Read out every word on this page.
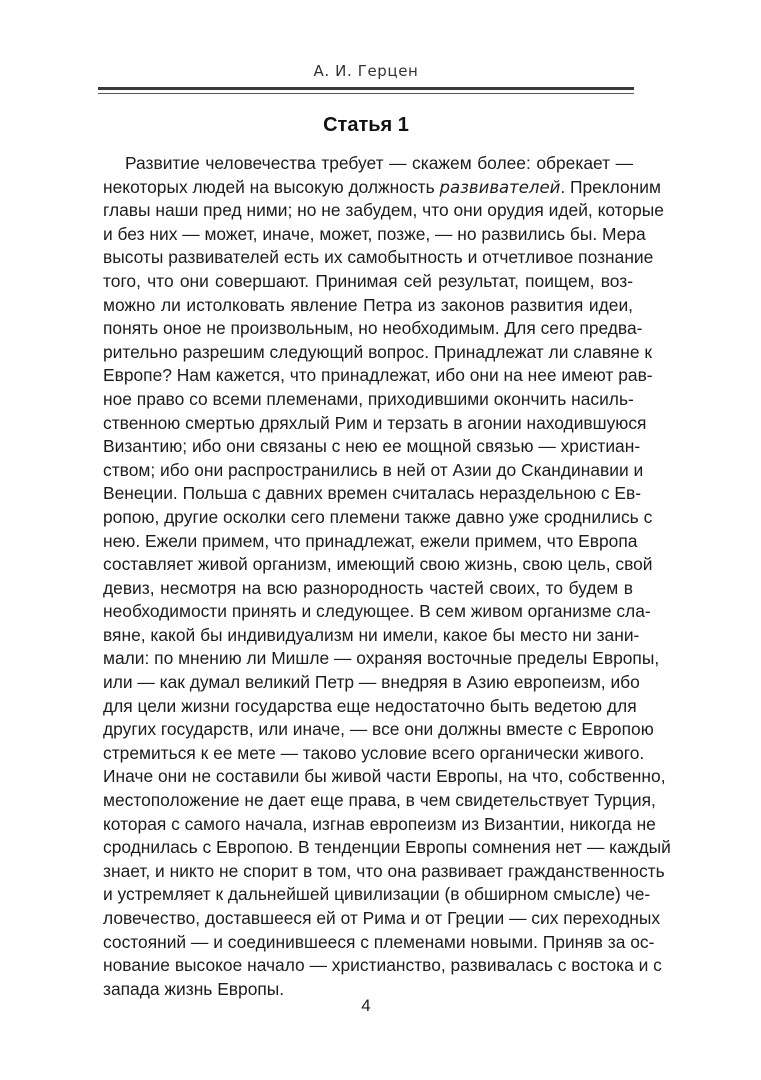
А. И. Герцен
Статья 1
Развитие человечества требует — скажем более: обрекает —
некоторых людей на высокую должность развивателей. Преклоним
главы наши пред ними; но не забудем, что они орудия идей, которые
и без них — может, иначе, может, позже, — но развились бы. Мера
высоты развивателей есть их самобытность и отчетливое познание
того, что они совершают. Принимая сей результат, поищем, воз-
можно ли истолковать явление Петра из законов развития идеи,
понять оное не произвольным, но необходимым. Для сего предва-
рительно разрешим следующий вопрос. Принадлежат ли славяне к
Европе? Нам кажется, что принадлежат, ибо они на нее имеют рав-
ное право со всеми племенами, приходившими окончить насиль-
ственною смертью дряхлый Рим и терзать в агонии находившуюся
Византию; ибо они связаны с нею ее мощной связью — христиан-
ством; ибо они распространились в ней от Азии до Скандинавии и
Венеции. Польша с давних времен считалась нераздельною с Ев-
ропою, другие осколки сего племени также давно уже сроднились с
нею. Ежели примем, что принадлежат, ежели примем, что Европа
составляет живой организм, имеющий свою жизнь, свою цель, свой
девиз, несмотря на всю разнородность частей своих, то будем в
необходимости принять и следующее. В сем живом организме сла-
вяне, какой бы индивидуализм ни имели, какое бы место ни зани-
мали: по мнению ли Мишле — охраняя восточные пределы Европы,
или — как думал великий Петр — внедряя в Азию европеизм, ибо
для цели жизни государства еще недостаточно быть ведетою для
других государств, или иначе, — все они должны вместе с Европою
стремиться к ее мете — таково условие всего органически живого.
Иначе они не составили бы живой части Европы, на что, собственно,
местоположение не дает еще права, в чем свидетельствует Турция,
которая с самого начала, изгнав европеизм из Византии, никогда не
сроднилась с Европою. В тенденции Европы сомнения нет — каждый
знает, и никто не спорит в том, что она развивает гражданственность
и устремляет к дальнейшей цивилизации (в обширном смысле) че-
ловечество, доставшееся ей от Рима и от Греции — сих переходных
состояний — и соединившееся с племенами новыми. Приняв за ос-
нование высокое начало — христианство, развивалась с востока и с
запада жизнь Европы.
4
